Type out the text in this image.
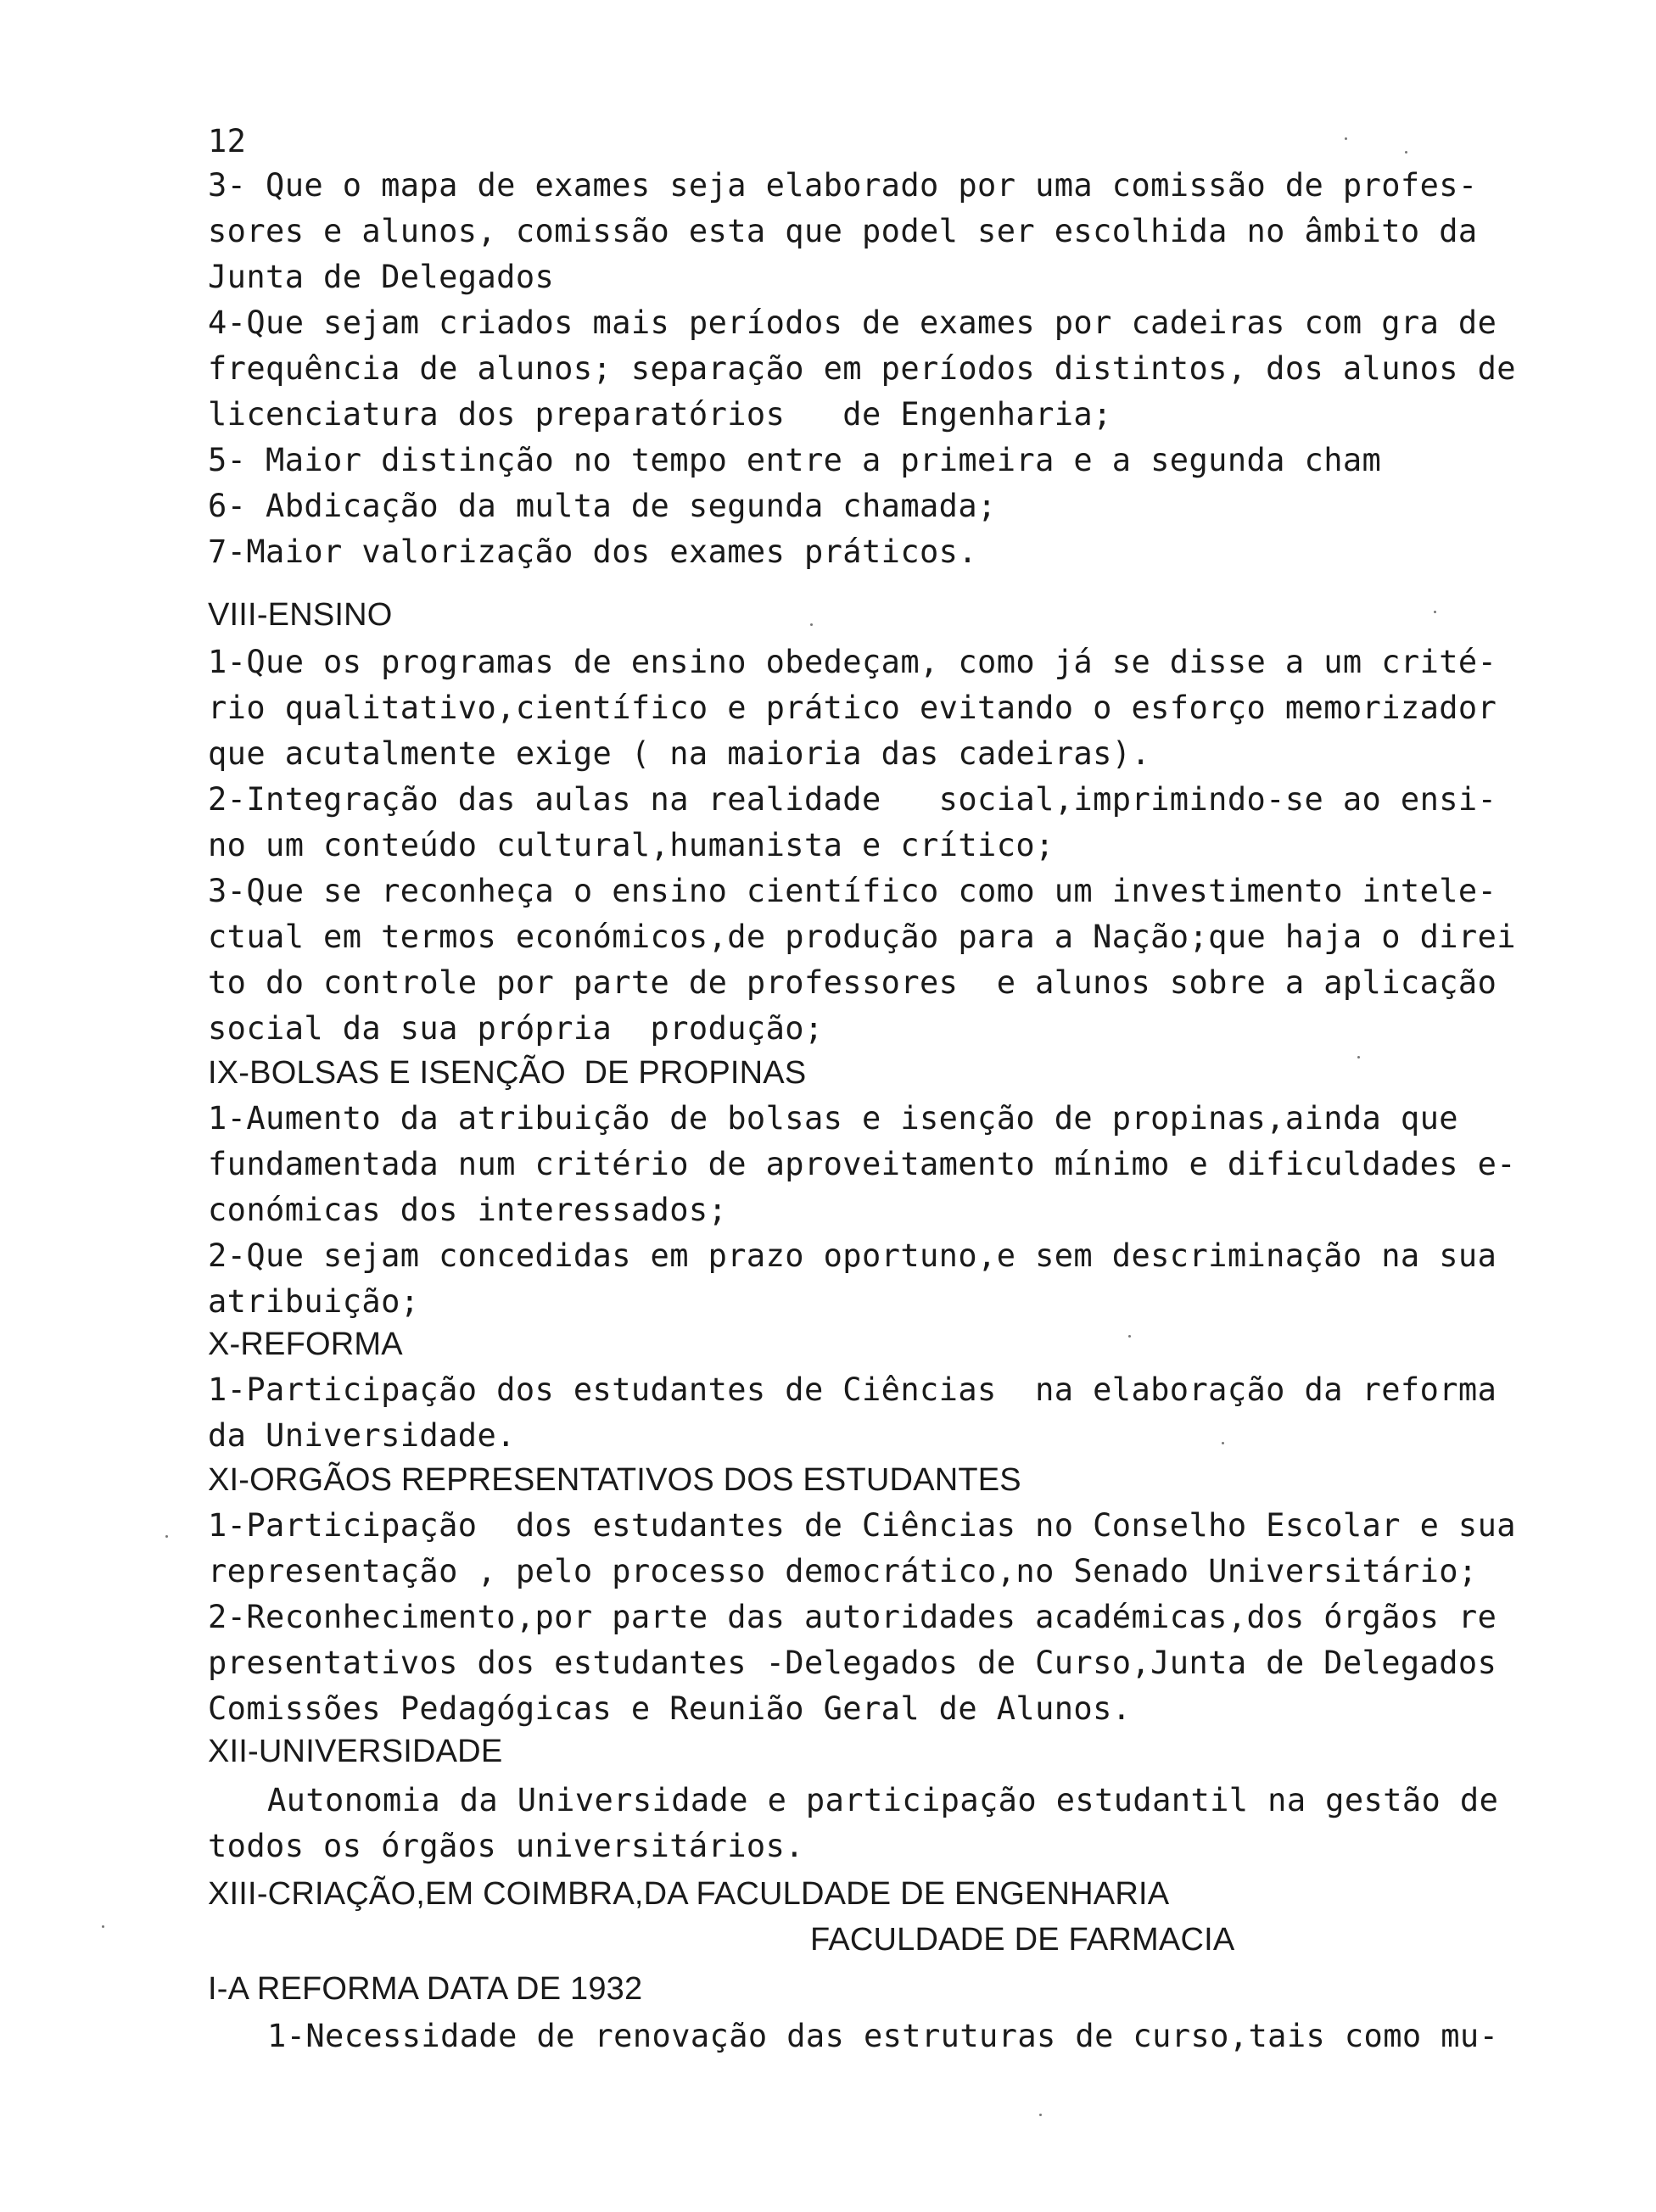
12
3- Que o mapa de exames seja elaborado por uma comissão de profes-
sores e alunos, comissão esta que podel ser escolhida no âmbito da
Junta de Delegados
4-Que sejam criados mais períodos de exames por cadeiras com gra de
frequência de alunos; separação em períodos distintos, dos alunos de
licenciatura dos preparatórios   de Engenharia;
5- Maior distinção no tempo entre a primeira e a segunda cham
6- Abdicação da multa de segunda chamada;
7-Maior valorização dos exames práticos.
VIII-ENSINO
1-Que os programas de ensino obedeçam, como já se disse a um crité-
rio qualitativo,científico e prático evitando o esforço memorizador
que acutalmente exige ( na maioria das cadeiras).
2-Integração das aulas na realidade   social,imprimindo-se ao ensi-
no um conteúdo cultural,humanista e crítico;
3-Que se reconheça o ensino científico como um investimento intele-
ctual em termos económicos,de produção para a Nação;que haja o direi
to do controle por parte de professores  e alunos sobre a aplicação
social da sua própria  produção;
IX-BOLSAS E ISENÇÃO  DE PROPINAS
1-Aumento da atribuição de bolsas e isenção de propinas,ainda que
fundamentada num critério de aproveitamento mínimo e dificuldades e-
conómicas dos interessados;
2-Que sejam concedidas em prazo oportuno,e sem descriminação na sua
atribuição;
X-REFORMA
1-Participação dos estudantes de Ciências  na elaboração da reforma
da Universidade.
XI-ORGÃOS REPRESENTATIVOS DOS ESTUDANTES
1-Participação  dos estudantes de Ciências no Conselho Escolar e sua
representação , pelo processo democrático,no Senado Universitário;
2-Reconhecimento,por parte das autoridades académicas,dos órgãos re
presentativos dos estudantes -Delegados de Curso,Junta de Delegados
Comissões Pedagógicas e Reunião Geral de Alunos.
XII-UNIVERSIDADE
Autonomia da Universidade e participação estudantil na gestão de
todos os órgãos universitários.
XIII-CRIAÇÃO,EM COIMBRA,DA FACULDADE DE ENGENHARIA
FACULDADE DE FARMACIA
I-A REFORMA DATA DE 1932
1-Necessidade de renovação das estruturas de curso,tais como mu-
